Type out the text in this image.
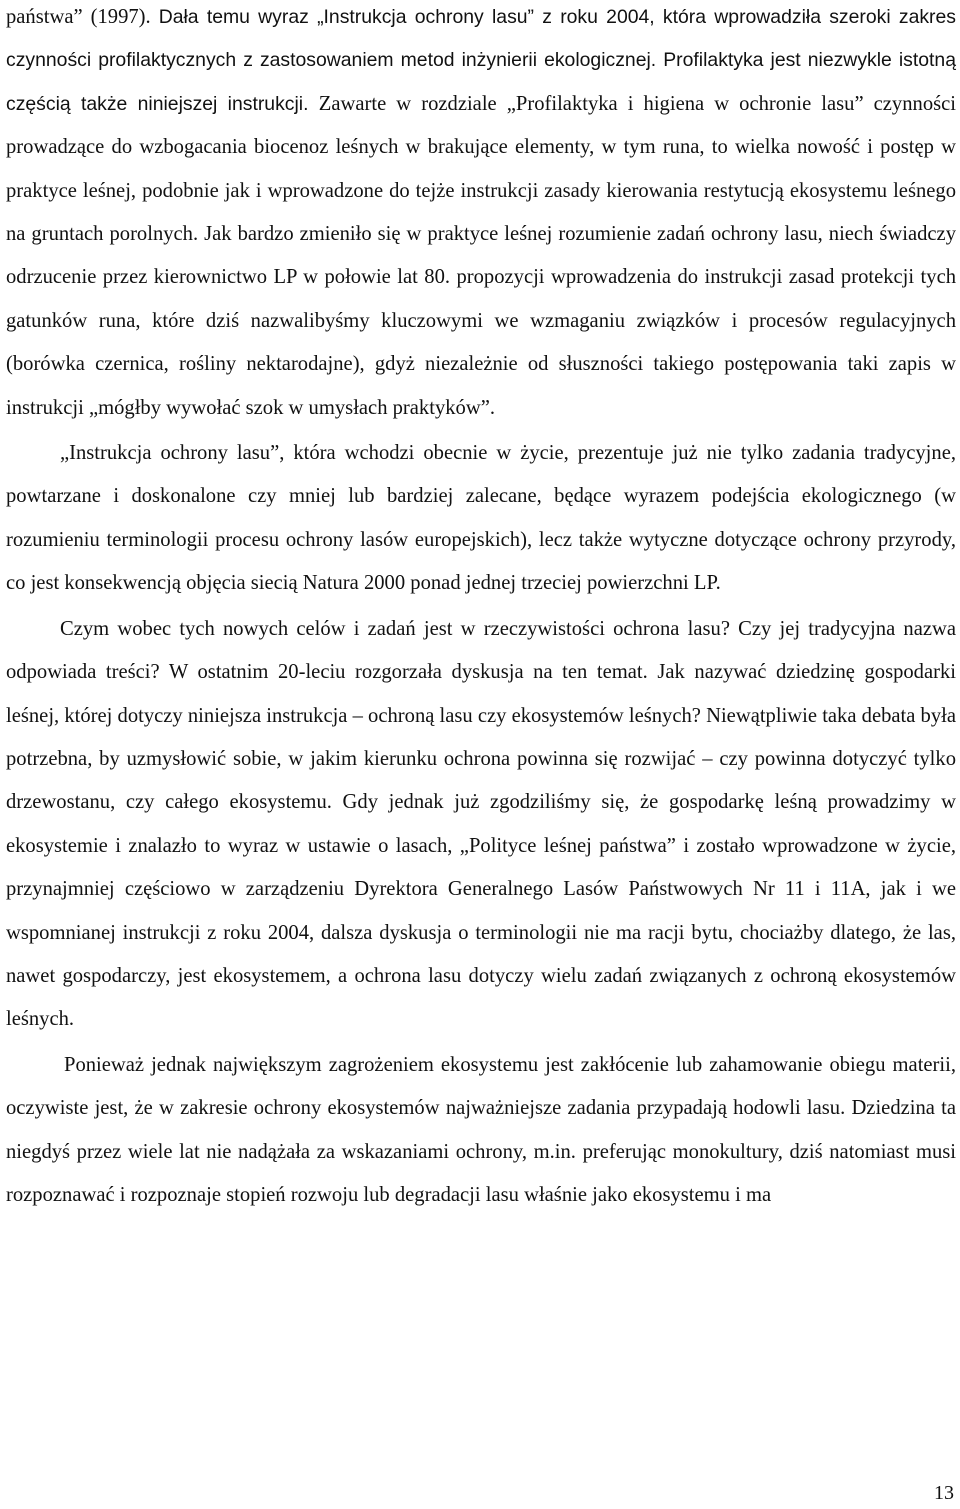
państwa” (1997). Dała temu wyraz „Instrukcja ochrony lasu” z roku 2004, która wprowadziła szeroki zakres czynności profilaktycznych z zastosowaniem metod inżynierii ekologicznej. Profilaktyka jest niezwykle istotną częścią także niniejszej instrukcji. Zawarte w rozdziale „Profilaktyka i higiena w ochronie lasu” czynności prowadzące do wzbogacania biocenoz leśnych w brakujące elementy, w tym runa, to wielka nowość i postęp w praktyce leśnej, podobnie jak i wprowadzone do tejże instrukcji zasady kierowania restytucją ekosystemu leśnego na gruntach porolnych. Jak bardzo zmieniło się w praktyce leśnej rozumienie zadań ochrony lasu, niech świadczy odrzucenie przez kierownictwo LP w połowie lat 80. propozycji wprowadzenia do instrukcji zasad protekcji tych gatunków runa, które dziś nazwalibyśmy kluczowymi we wzmaganiu związków i procesów regulacyjnych (borówka czernica, rośliny nektarodajne), gdyż niezależnie od słuszności takiego postępowania taki zapis w instrukcji „mógłby wywołać szok w umysłach praktyków”.

„Instrukcja ochrony lasu”, która wchodzi obecnie w życie, prezentuje już nie tylko zadania tradycyjne, powtarzane i doskonalone czy mniej lub bardziej zalecane, będące wyrazem podejścia ekologicznego (w rozumieniu terminologii procesu ochrony lasów europejskich), lecz także wytyczne dotyczące ochrony przyrody, co jest konsekwencją objęcia siecią Natura 2000 ponad jednej trzeciej powierzchni LP.

Czym wobec tych nowych celów i zadań jest w rzeczywistości ochrona lasu? Czy jej tradycyjna nazwa odpowiada treści? W ostatnim 20-leciu rozgorzała dyskusja na ten temat. Jak nazywać dziedzinę gospodarki leśnej, której dotyczy niniejsza instrukcja – ochroną lasu czy ekosystemów leśnych? Niewątpliwie taka debata była potrzebna, by uzmysłowić sobie, w jakim kierunku ochrona powinna się rozwijać – czy powinna dotyczyć tylko drzewostanu, czy całego ekosystemu. Gdy jednak już zgodziliśmy się, że gospodarkę leśną prowadzimy w ekosystemie i znalazło to wyraz w ustawie o lasach, „Polityce leśnej państwa” i zostało wprowadzone w życie, przynajmniej częściowo w zarządzeniu Dyrektora Generalnego Lasów Państwowych Nr 11 i 11A, jak i we wspomnianej instrukcji z roku 2004, dalsza dyskusja o terminologii nie ma racji bytu, chociażby dlatego, że las, nawet gospodarczy, jest ekosystemem, a ochrona lasu dotyczy wielu zadań związanych z ochroną ekosystemów leśnych.

Ponieważ jednak największym zagrożeniem ekosystemu jest zakłócenie lub zahamowanie obiegu materii, oczywiste jest, że w zakresie ochrony ekosystemów najważniejsze zadania przypadają hodowli lasu. Dziedzina ta niegdyś przez wiele lat nie nadążała za wskazaniami ochrony, m.in. preferując monokultury, dziś natomiast musi rozpoznawać i rozpoznaje stopień rozwoju lub degradacji lasu właśnie jako ekosystemu i ma

13
